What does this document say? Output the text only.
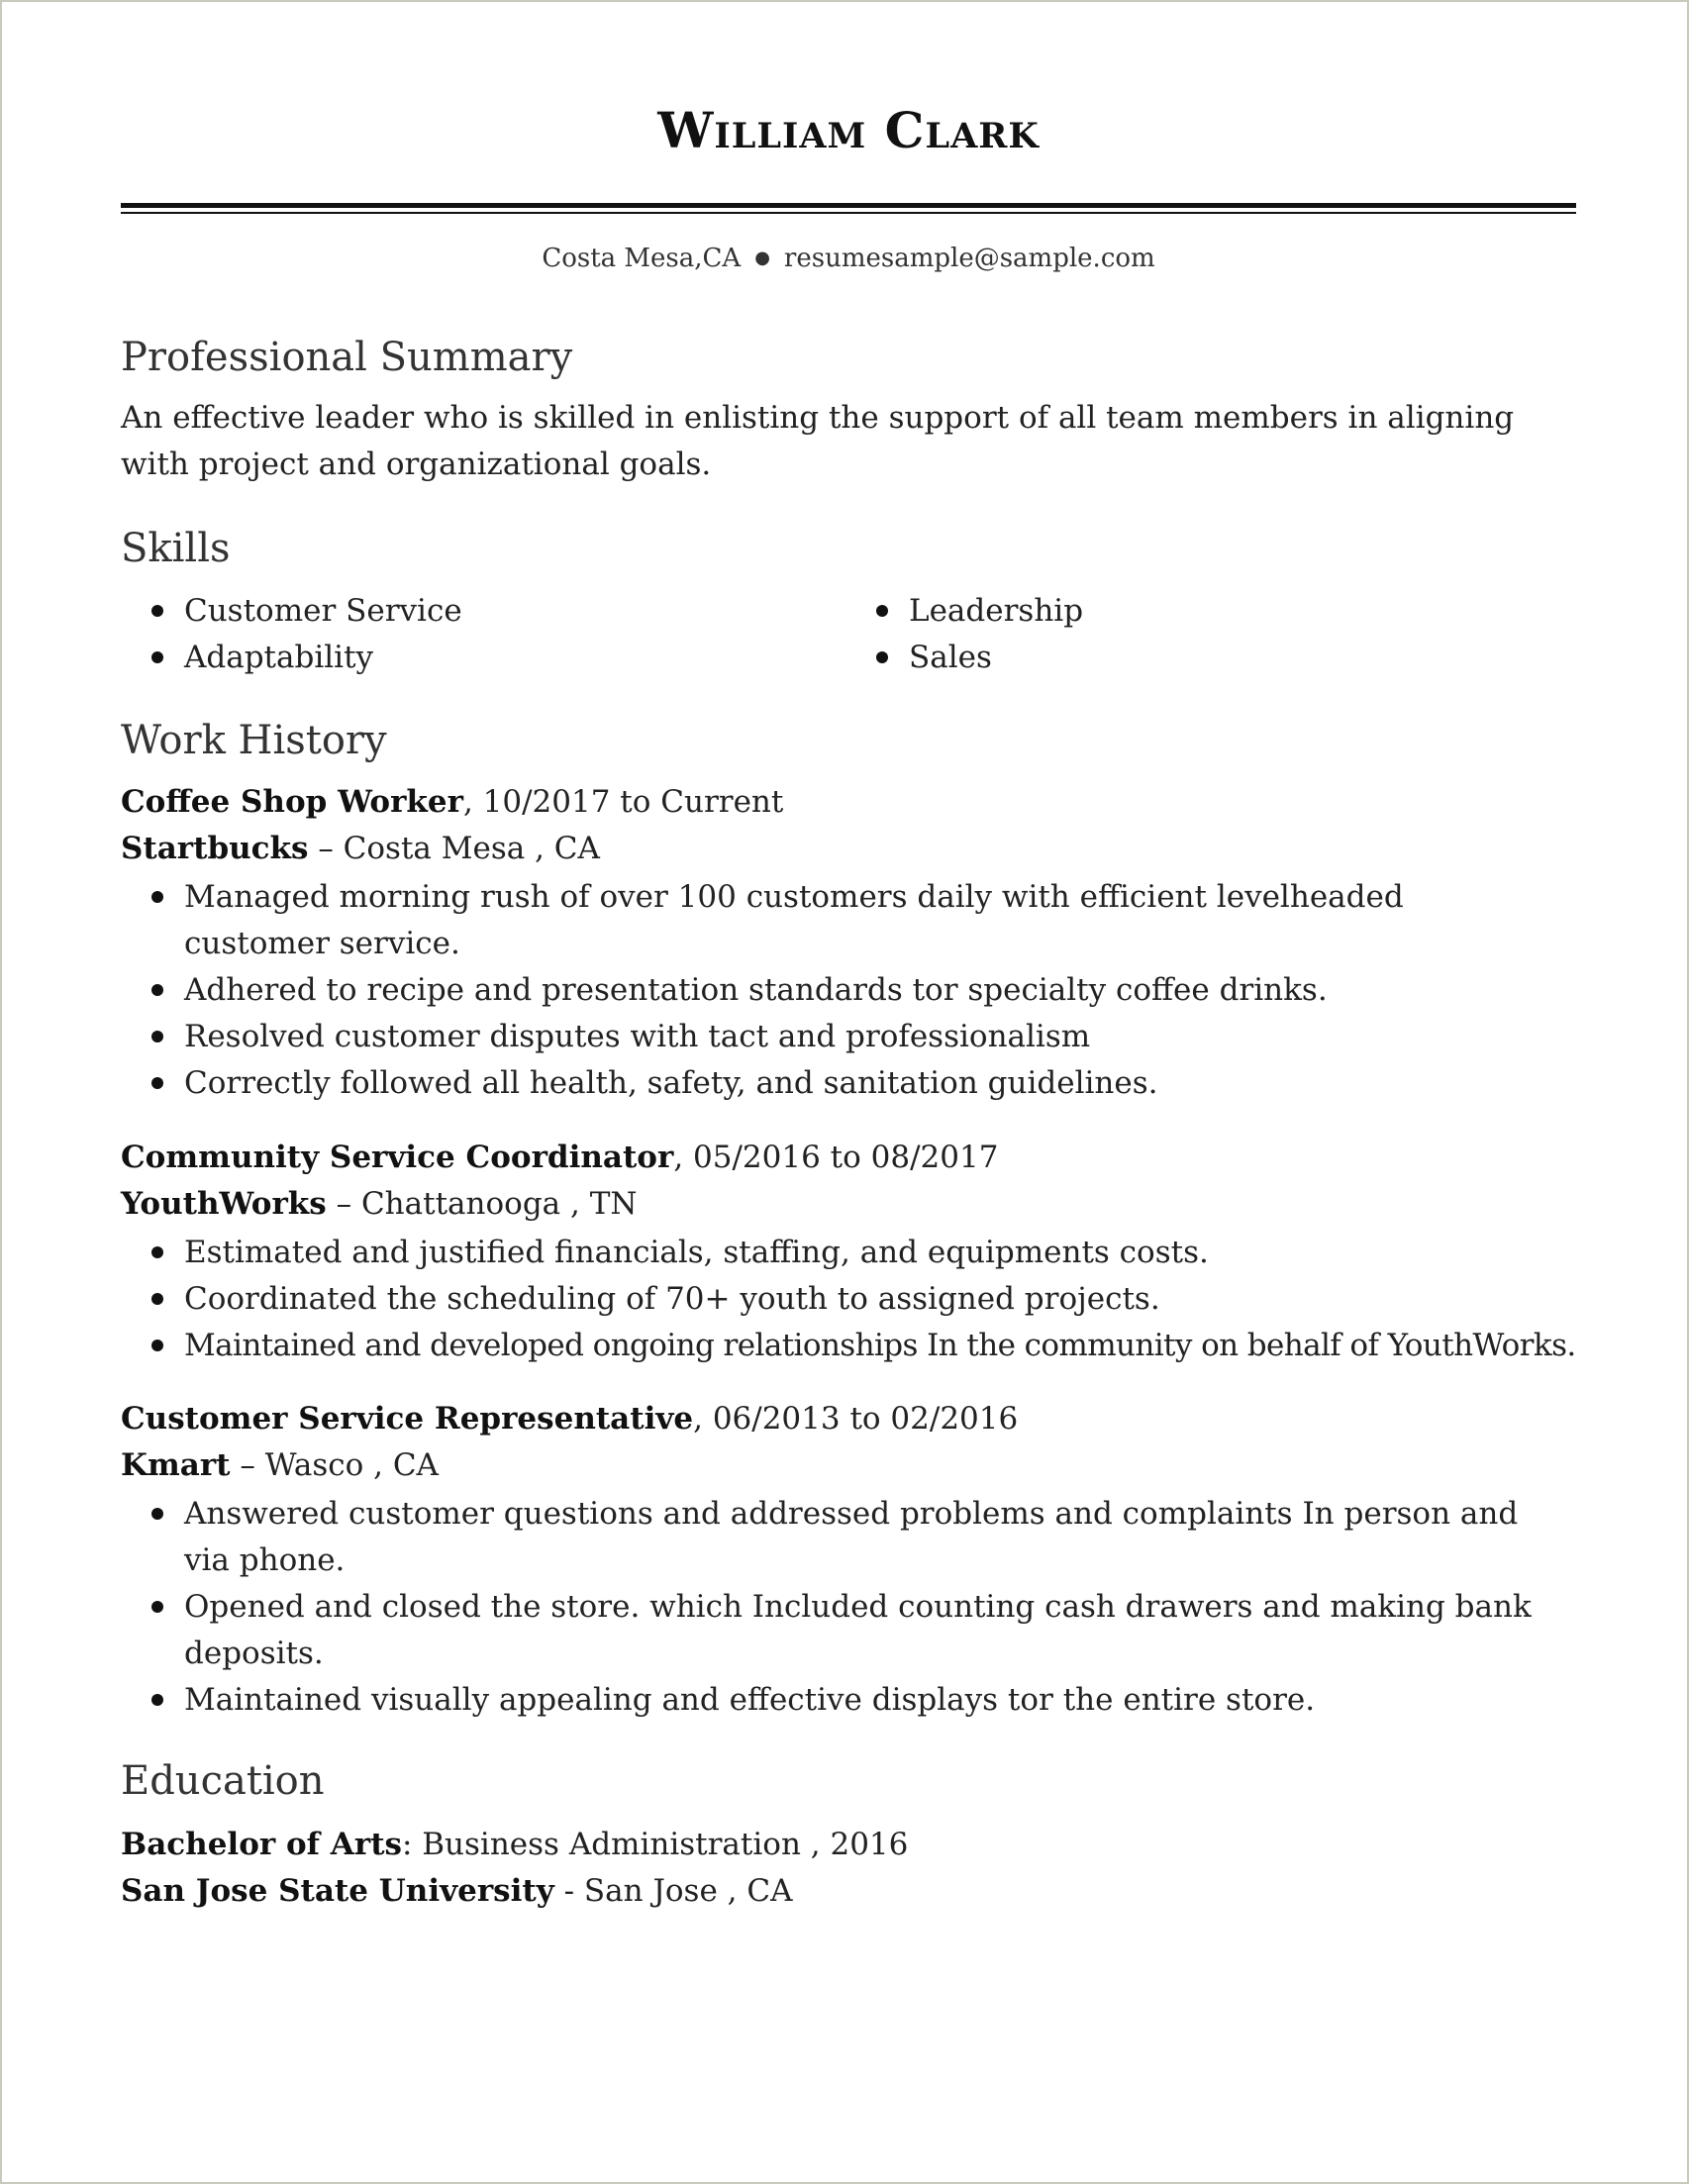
William Clark
Costa Mesa,CA ● resumesample@sample.com
Professional Summary
An effective leader who is skilled in enlisting the support of all team members in aligning with project and organizational goals.
Skills
Customer Service
Adaptability
Leadership
Sales
Work History
Coffee Shop Worker, 10/2017 to Current
Startbucks – Costa Mesa , CA
Managed morning rush of over 100 customers daily with efficient levelheaded customer service.
Adhered to recipe and presentation standards tor specialty coffee drinks.
Resolved customer disputes with tact and professionalism
Correctly followed all health, safety, and sanitation guidelines.
Community Service Coordinator, 05/2016 to 08/2017
YouthWorks – Chattanooga , TN
Estimated and justified financials, staffing, and equipments costs.
Coordinated the scheduling of 70+ youth to assigned projects.
Maintained and developed ongoing relationships In the community on behalf of YouthWorks.
Customer Service Representative, 06/2013 to 02/2016
Kmart – Wasco , CA
Answered customer questions and addressed problems and complaints In person and via phone.
Opened and closed the store. which Included counting cash drawers and making bank deposits.
Maintained visually appealing and effective displays tor the entire store.
Education
Bachelor of Arts: Business Administration , 2016
San Jose State University - San Jose , CA
